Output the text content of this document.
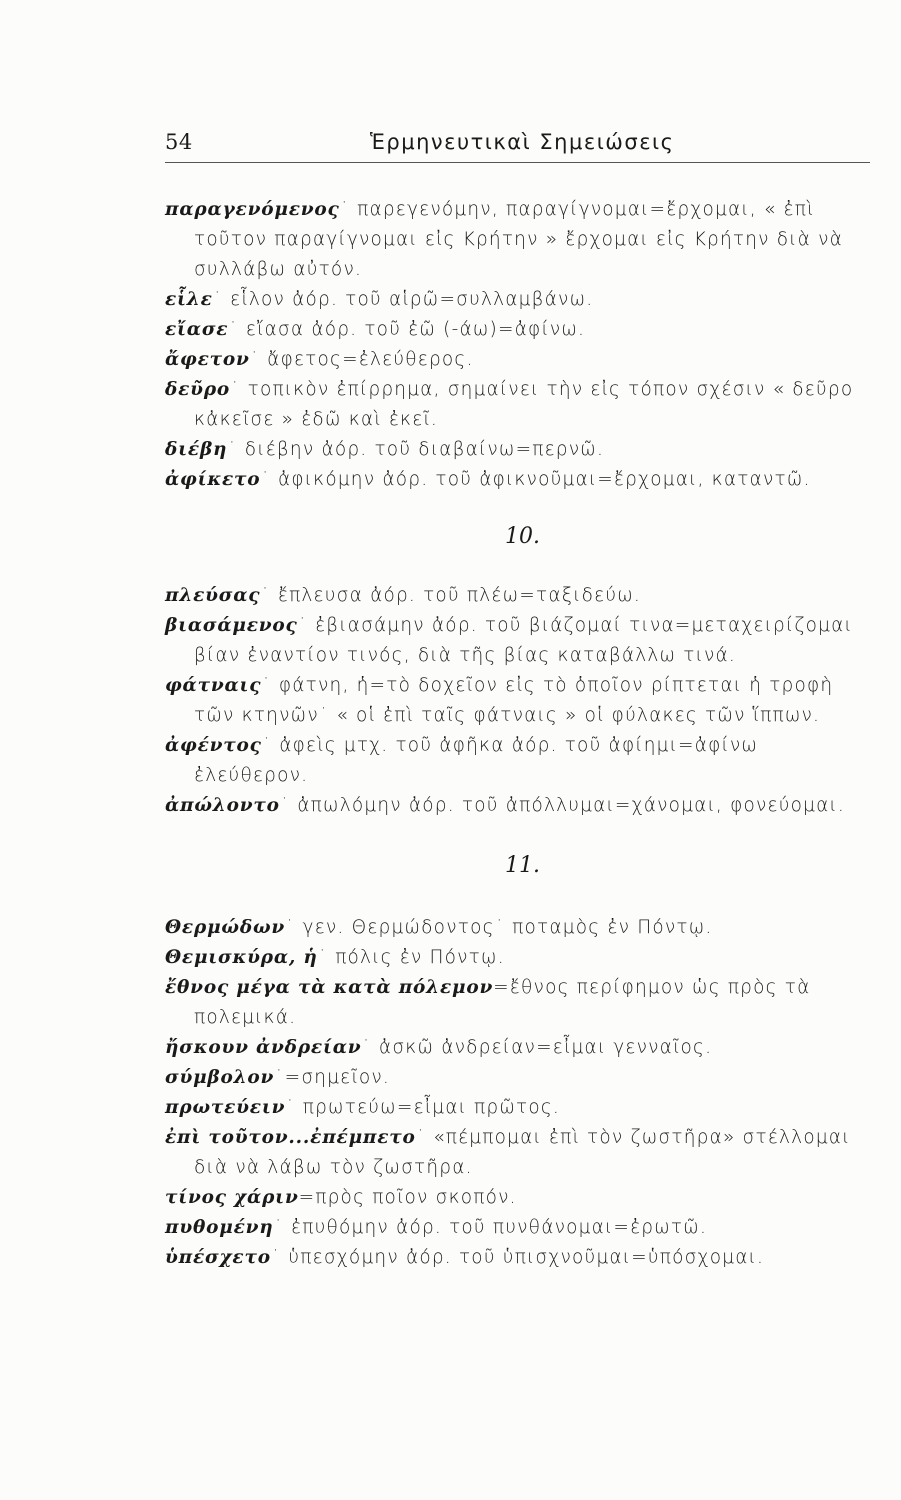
54	Ἑρμηνευτικαὶ Σημειώσεις
παραγενόμενος˙ παρεγενόμην, παραγίγνομαι=ἔρχομαι, « ἐπὶ τοῦτον παραγίγνομαι εἰς Κρήτην » ἔρχομαι εἰς Κρήτην διὰ νὰ συλλάβω αὐτόν.
εἷλε˙ εἷλον ἀόρ. τοῦ αἱρῶ=συλλαμβάνω.
εἴασε˙ εἴασα ἀόρ. τοῦ ἐῶ (-άω)=ἀφίνω.
ἄφετον˙ ἄφετος=ἐλεύθερος.
δεῦρο˙ τοπικὸν ἐπίρρημα, σημαίνει τὴν εἰς τόπον σχέσιν « δεῦρο κἀκεῖσε » ἐδῶ καὶ ἐκεῖ.
διέβη˙ διέβην ἀόρ. τοῦ διαβαίνω=περνῶ.
ἀφίκετο˙ ἀφικόμην ἀόρ. τοῦ ἀφικνοῦμαι=ἔρχομαι, καταντῶ.
10.
πλεύσας˙ ἔπλευσα ἀόρ. τοῦ πλέω=ταξιδεύω.
βιασάμενος˙ ἐβιασάμην ἀόρ. τοῦ βιάζομαί τινα=μεταχειρίζομαι βίαν ἐναντίον τινός, διὰ τῆς βίας καταβάλλω τινά.
φάτναις˙ φάτνη, ἡ=τὸ δοχεῖον εἰς τὸ ὁποῖον ρίπτεται ἡ τροφὴ τῶν κτηνῶν˙ « οἱ ἐπὶ ταῖς φάτναις » οἱ φύλακες τῶν ἵππων.
ἀφέντος˙ ἀφεὶς μτχ. τοῦ ἀφῆκα ἀόρ. τοῦ ἀφίημι=ἀφίνω ἐλεύθερον.
ἀπώλοντο˙ ἀπωλόμην ἀόρ. τοῦ ἀπόλλυμαι=χάνομαι, φονεύομαι.
11.
Θερμώδων˙ γεν. Θερμώδοντος˙ ποταμὸς ἐν Πόντῳ.
Θεμισκύρα, ἡ˙ πόλις ἐν Πόντῳ.
ἔθνος μέγα τὰ κατὰ πόλεμον=ἔθνος περίφημον ὡς πρὸς τὰ πολεμικά.
ἤσκουν ἀνδρείαν˙ ἀσκῶ ἀνδρείαν=εἶμαι γενναῖος.
σύμβολον˙=σημεῖον.
πρωτεύειν˙ πρωτεύω=εἶμαι πρῶτος.
ἐπὶ τοῦτον...ἐπέμπετο˙ «πέμπομαι ἐπὶ τὸν ζωστῆρα» στέλλομαι διὰ νὰ λάβω τὸν ζωστῆρα.
τίνος χάριν=πρὸς ποῖον σκοπόν.
πυθομένη˙ ἐπυθόμην ἀόρ. τοῦ πυνθάνομαι=ἐρωτῶ.
ὑπέσχετο˙ ὑπεσχόμην ἀόρ. τοῦ ὑπισχνοῦμαι=ὑπόσχομαι.
